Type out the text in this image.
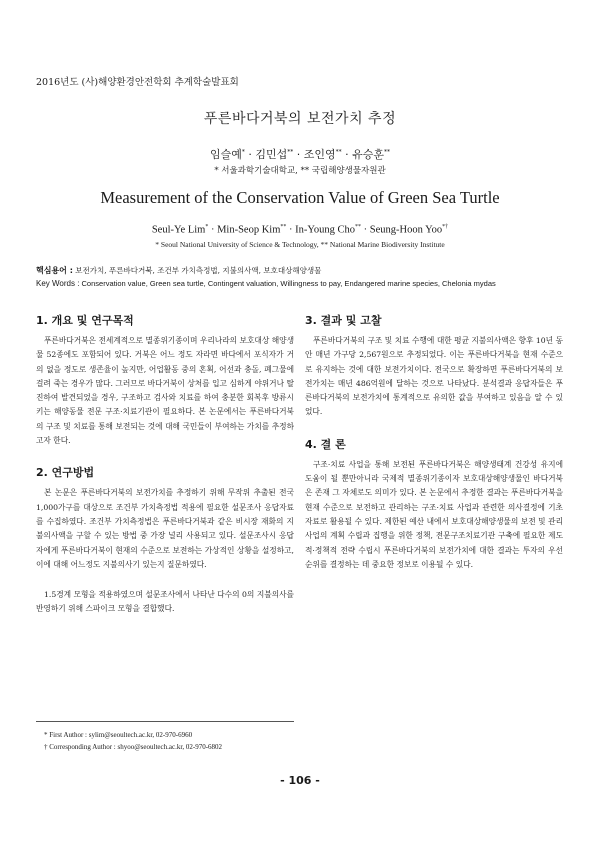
2016년도 (사)해양환경안전학회 추계학술발표회
푸른바다거북의 보전가치 추정
임슬예* · 김민섭** · 조인영** · 유승훈**
* 서울과학기술대학교, ** 국립해양생물자원관
Measurement of the Conservation Value of Green Sea Turtle
Seul-Ye Lim* · Min-Seop Kim** · In-Young Cho** · Seung-Hoon Yoo*†
* Seoul National University of Science & Technology, ** National Marine Biodiversity Institute
핵심용어 : 보전가치, 푸른바다거북, 조건부 가치측정법, 지불의사액, 보호대상해양생물
Key Words : Conservation value, Green sea turtle, Contingent valuation, Willingness to pay, Endangered marine species, Chelonia mydas
1. 개요 및 연구목적

푸른바다거북은 전세계적으로 멸종위기종이며 우리나라의 보호대상 해양생물 52종에도 포함되어 있다. 거북은 어느 정도 자라면 바다에서 포식자가 거의 없을 정도로 생존율이 높지만, 어업활동 중의 혼획, 어선과 충돌, 폐그물에 걸려 죽는 경우가 많다. 그러므로 바다거북이 상처를 입고 심하게 야위거나 탈진하여 발견되었을 경우, 구조하고 검사와 치료를 하여 충분한 회복후 방류시키는 해양동물 전문 구조·치료기관이 필요하다. 본 논문에서는 푸른바다거북의 구조 및 치료를 통해 보전되는 것에 대해 국민들이 부여하는 가치를 추정하고자 한다.

2. 연구방법

본 논문은 푸른바다거북의 보전가치를 추정하기 위해 무작위 추출된 전국 1,000가구를 대상으로 조건부 가치측정법 적용에 필요한 설문조사 응답자료를 수집하였다. 조건부 가치측정법은 푸른바다거북과 같은 비시장 재화의 지불의사액을 구할 수 있는 방법 중 가장 널리 사용되고 있다. 설문조사시 응답자에게 푸른바다거북이 현재의 수준으로 보전하는 가상적인 상황을 설정하고, 이에 대해 어느정도 지불의사기 있는지 질문하였다.

1.5경계 모형을 적용하였으며 설문조사에서 나타난 다수의 0의 지불의사를 반영하기 위해 스파이크 모형을 결합했다.

3. 결과 및 고찰

푸른바다거북의 구조 및 치료 수행에 대한 평균 지불의사액은 향후 10년 동안 매년 가구당 2,567원으로 추정되었다. 이는 푸른바다거북을 현재 수준으로 유지하는 것에 대한 보전가치이다. 전국으로 확장하면 푸른바다거북의 보전가치는 매년 486억원에 달하는 것으로 나타났다. 분석결과 응답자들은 푸른바다거북의 보전가치에 통계적으로 유의한 값을 부여하고 있음을 알 수 있었다.

4. 결 론

구조·치료 사업을 통해 보전된 푸른바다거북은 해양생태계 건강성 유지에 도움이 될 뿐만아니라 국제적 멸종위기종이자 보호대상해양생물인 바다거북은 존재 그 자체로도 의미가 있다. 본 논문에서 추정한 결과는 푸른바다거북을 현재 수준으로 보전하고 관리하는 구조·치료 사업과 관련한 의사결정에 기초자료로 활용될 수 있다. 제한된 예산 내에서 보호대상해양생물의 보전 및 관리 사업의 계획 수립과 집행을 위한 정책, 전문구조치료기관 구축에 필요한 제도적·정책적 전략 수립시 푸른바다거북의 보전가치에 대한 결과는 투자의 우선순위를 결정하는 데 중요한 정보로 이용될 수 있다.

* First Author : sylim@seoultech.ac.kr, 02-970-6960
† Corresponding Author : shyoo@seoultech.ac.kr, 02-970-6802
- 106 -
